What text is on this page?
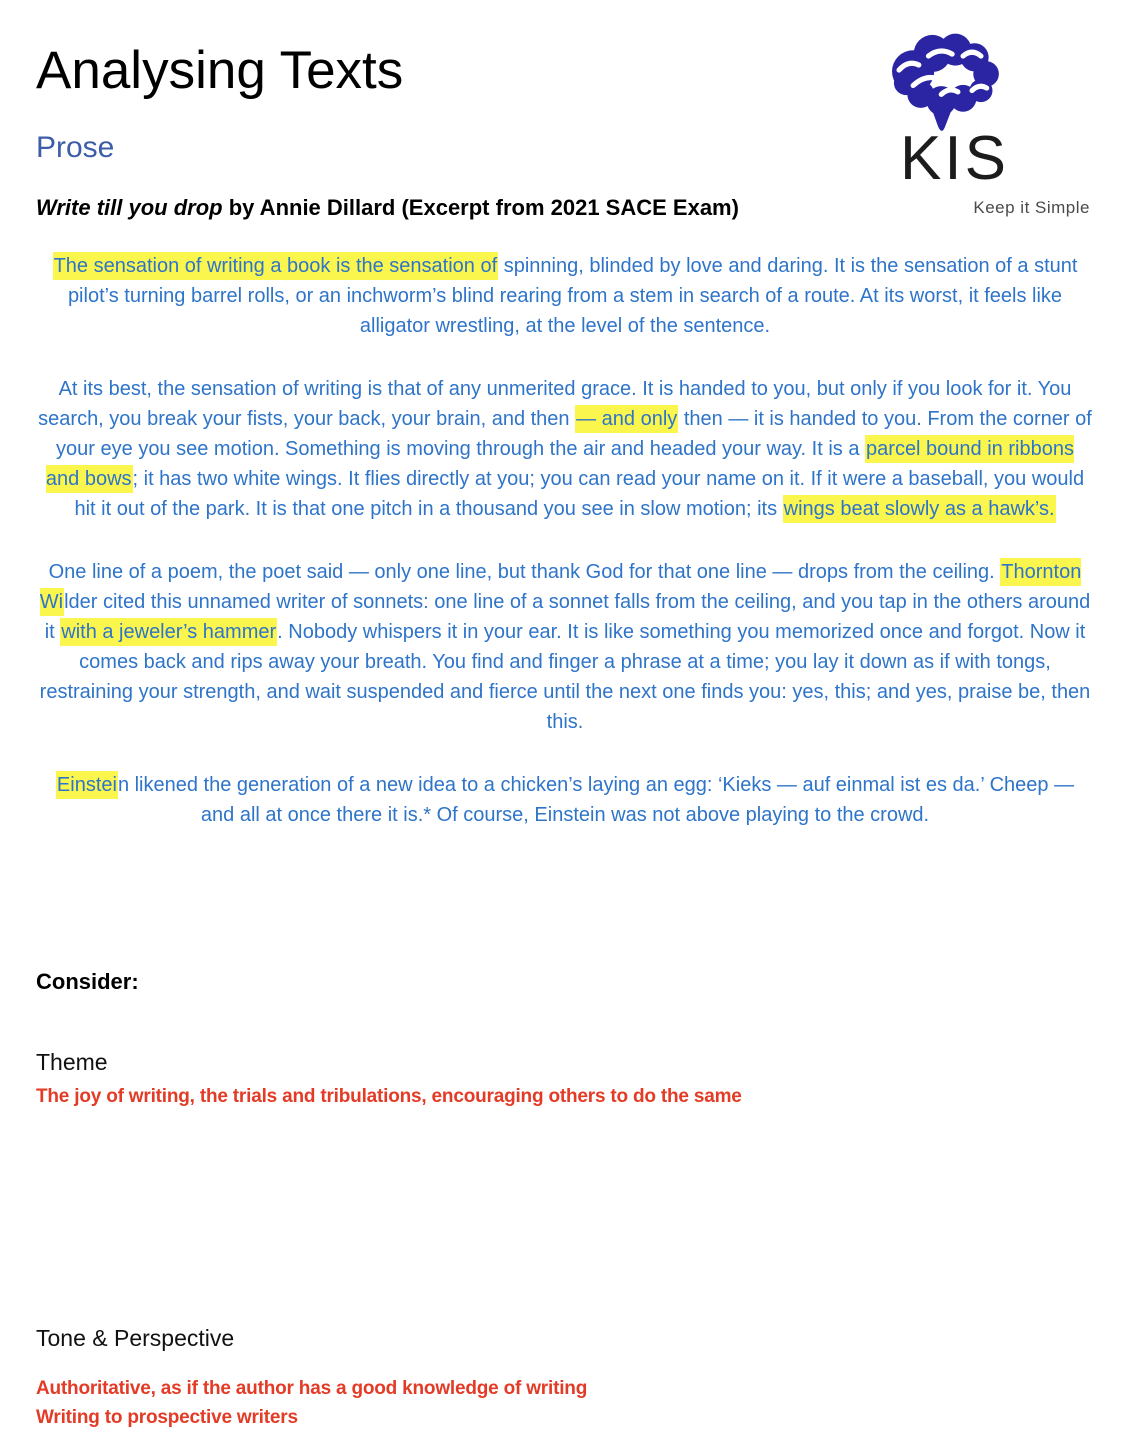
Analysing Texts
Prose

Write till you drop by Annie Dillard (Excerpt from 2021 SACE Exam)

KIS
Keep it Simple

The sensation of writing a book is the sensation of spinning, blinded by love and daring. It is the sensation of a stunt pilot’s turning barrel rolls, or an inchworm’s blind rearing from a stem in search of a route. At its worst, it feels like alligator wrestling, at the level of the sentence.

At its best, the sensation of writing is that of any unmerited grace. It is handed to you, but only if you look for it. You search, you break your fists, your back, your brain, and then — and only then — it is handed to you. From the corner of your eye you see motion. Something is moving through the air and headed your way. It is a parcel bound in ribbons and bows; it has two white wings. It flies directly at you; you can read your name on it. If it were a baseball, you would hit it out of the park. It is that one pitch in a thousand you see in slow motion; its wings beat slowly as a hawk’s.

One line of a poem, the poet said — only one line, but thank God for that one line — drops from the ceiling. Thornton Wilder cited this unnamed writer of sonnets: one line of a sonnet falls from the ceiling, and you tap in the others around it with a jeweler’s hammer. Nobody whispers it in your ear. It is like something you memorized once and forgot. Now it comes back and rips away your breath. You find and finger a phrase at a time; you lay it down as if with tongs, restraining your strength, and wait suspended and fierce until the next one finds you: yes, this; and yes, praise be, then this.

Einstein likened the generation of a new idea to a chicken’s laying an egg: ‘Kieks — auf einmal ist es da.’ Cheep — and all at once there it is.* Of course, Einstein was not above playing to the crowd.

Consider:
Theme
The joy of writing, the trials and tribulations, encouraging others to do the same
Tone & Perspective
Authoritative, as if the author has a good knowledge of writing
Writing to prospective writers
